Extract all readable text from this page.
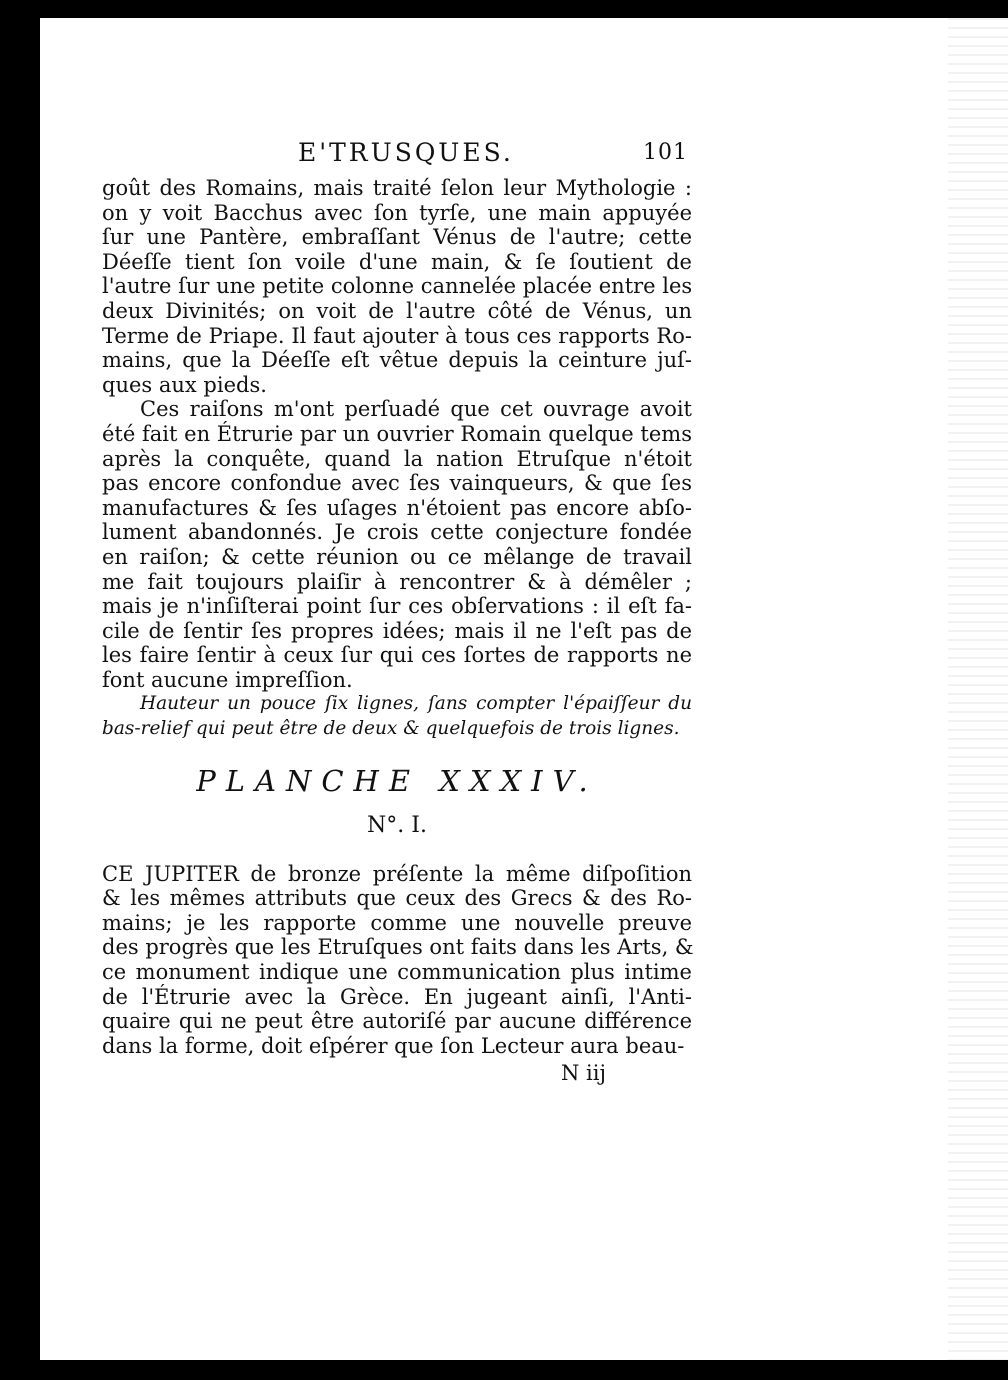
E'TRUSQUES.	101

goût des Romains, mais traité ſelon leur Mythologie :
on y voit Bacchus avec ſon tyrſe, une main appuyée
ſur une Pantère, embraſſant Vénus de l'autre; cette
Déeſſe tient ſon voile d'une main, & ſe ſoutient de
l'autre ſur une petite colonne cannelée placée entre les
deux Divinités; on voit de l'autre côté de Vénus, un
Terme de Priape. Il faut ajouter à tous ces rapports Ro-
mains, que la Déeſſe eſt vêtue depuis la ceinture juſ-
ques aux pieds.

Ces raiſons m'ont perſuadé que cet ouvrage avoit
été fait en Étrurie par un ouvrier Romain quelque tems
après la conquête, quand la nation Etruſque n'étoit
pas encore confondue avec ſes vainqueurs, & que ſes
manufactures & ſes uſages n'étoient pas encore abſo-
lument abandonnés. Je crois cette conjecture fondée
en raiſon; & cette réunion ou ce mêlange de travail
me fait toujours plaiſir à rencontrer & à démêler ;
mais je n'inſiſterai point ſur ces obſervations : il eſt fa-
cile de ſentir ſes propres idées; mais il ne l'eſt pas de
les faire ſentir à ceux ſur qui ces ſortes de rapports ne
font aucune impreſſion.

Hauteur un pouce ſix lignes, ſans compter l'épaiſſeur du
bas-relief qui peut être de deux & quelquefois de trois lignes.

PLANCHE XXXIV.
N°. I.

CE JUPITER de bronze préſente la même diſpoſition
& les mêmes attributs que ceux des Grecs & des Ro-
mains; je les rapporte comme une nouvelle preuve
des progrès que les Etruſques ont faits dans les Arts, &
ce monument indique une communication plus intime
de l'Étrurie avec la Grèce. En jugeant ainſi, l'Anti-
quaire qui ne peut être autoriſé par aucune différence
dans la forme, doit eſpérer que ſon Lecteur aura beau-

N iij
